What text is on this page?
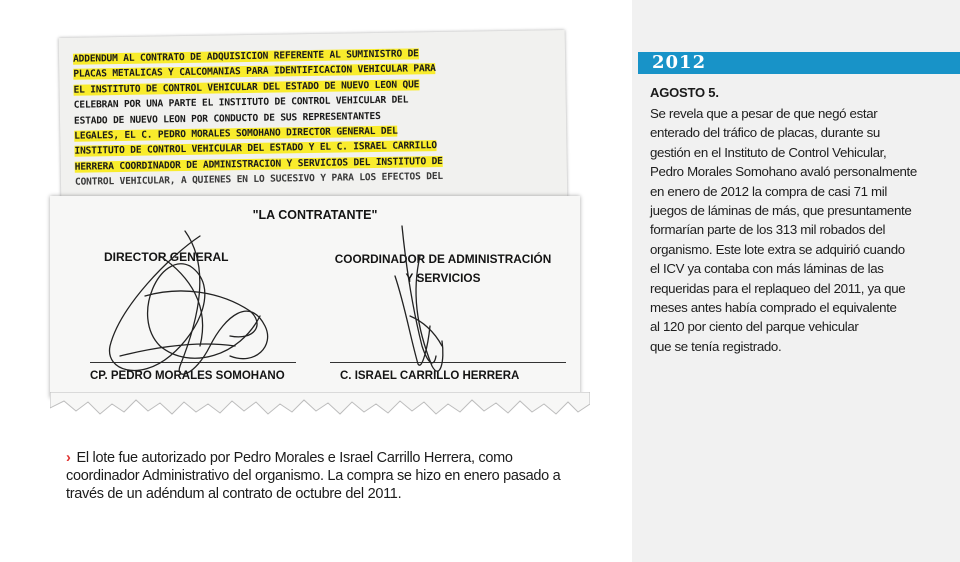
ADDENDUM AL CONTRATO DE ADQUISICION REFERENTE AL SUMINISTRO DE
PLACAS METALICAS Y CALCOMANIAS PARA IDENTIFICACION VEHICULAR PARA
EL INSTITUTO DE CONTROL VEHICULAR DEL ESTADO DE NUEVO LEON QUE
CELEBRAN POR UNA PARTE EL INSTITUTO DE CONTROL VEHICULAR DEL
ESTADO DE NUEVO LEON POR CONDUCTO DE SUS REPRESENTANTES
LEGALES, EL C. PEDRO MORALES SOMOHANO DIRECTOR GENERAL DEL
INSTITUTO DE CONTROL VEHICULAR DEL ESTADO Y EL C. ISRAEL CARRILLO
HERRERA COORDINADOR DE ADMINISTRACION Y SERVICIOS DEL INSTITUTO DE
CONTROL VEHICULAR, A QUIENES EN LO SUCESIVO Y PARA LOS EFECTOS DEL
"LA CONTRATANTE"
DIRECTOR GENERAL	COORDINADOR DE ADMINISTRACIÓN
Y SERVICIOS
CP. PEDRO MORALES SOMOHANO	C. ISRAEL CARRILLO HERRERA
› El lote fue autorizado por Pedro Morales e Israel Carrillo Herrera, como coordinador Administrativo del organismo. La compra se hizo en enero pasado a través de un adéndum al contrato de octubre del 2011.
2012
AGOSTO 5.
Se revela que a pesar de que negó estar
enterado del tráfico de placas, durante su
gestión en el Instituto de Control Vehicular,
Pedro Morales Somohano avaló personalmente
en enero de 2012 la compra de casi 71 mil
juegos de láminas de más, que presuntamente
formarían parte de los 313 mil robados del
organismo. Este lote extra se adquirió cuando
el ICV ya contaba con más láminas de las
requeridas para el replaqueo del 2011, ya que
meses antes había comprado el equivalente
al 120 por ciento del parque vehicular
que se tenía registrado.
